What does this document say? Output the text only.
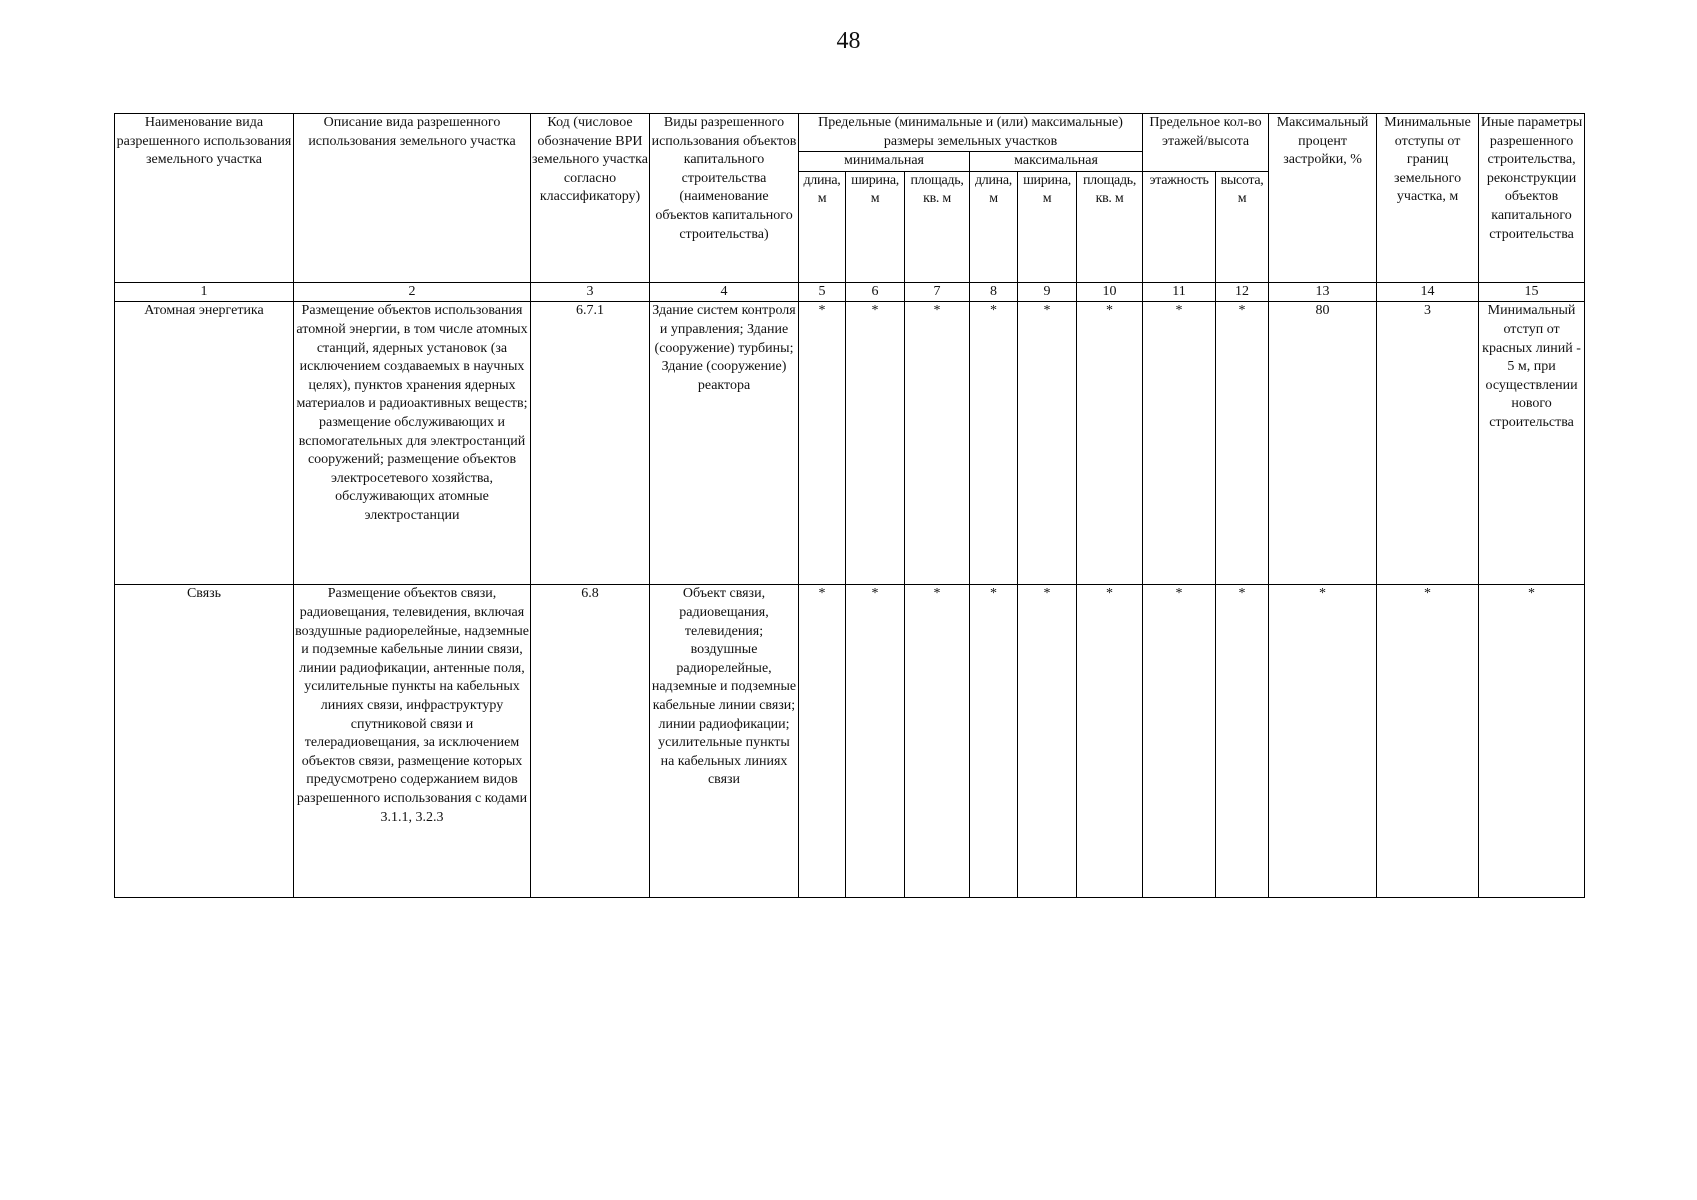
48
Наименование вида разрешенного использования земельного участка	Описание вида разрешенного использования земельного участка	Код (числовое обозначение ВРИ земельного участка согласно классификатору)	Виды разрешенного использования объектов капитального строительства (наименование объектов капитального строительства)	Предельные (минимальные и (или) максимальные) размеры земельных участков						Предельное кол-во этажей/высота		Максимальный процент застройки, %	Минимальные отступы от границ земельного участка, м	Иные параметры разрешенного строительства, реконструкции объектов капитального строительства
				минимальная			максимальная							
				длина, м	ширина, м	площадь, кв. м	длина, м	ширина, м	площадь, кв. м	этажность	высота, м			
1	2	3	4	5	6	7	8	9	10	11	12	13	14	15
Атомная энергетика	Размещение объектов использования атомной энергии, в том числе атомных станций, ядерных установок (за исключением создаваемых в научных целях), пунктов хранения ядерных материалов и радиоактивных веществ; размещение обслуживающих и вспомогательных для электростанций сооружений; размещение объектов электросетевого хозяйства, обслуживающих атомные электростанции	6.7.1	Здание систем контроля и управления; Здание (сооружение) турбины; Здание (сооружение) реактора	*	*	*	*	*	*	*	*	80	3	Минимальный отступ от красных линий - 5 м, при осуществлении нового строительства
Связь	Размещение объектов связи, радиовещания, телевидения, включая воздушные радиорелейные, надземные и подземные кабельные линии связи, линии радиофикации, антенные поля, усилительные пункты на кабельных линиях связи, инфраструктуру спутниковой связи и телерадиовещания, за исключением объектов связи, размещение которых предусмотрено содержанием видов разрешенного использования с кодами 3.1.1, 3.2.3	6.8	Объект связи, радиовещания, телевидения; воздушные радиорелейные, надземные и подземные кабельные линии связи; линии радиофикации; усилительные пункты на кабельных линиях связи	*	*	*	*	*	*	*	*	*	*	*
